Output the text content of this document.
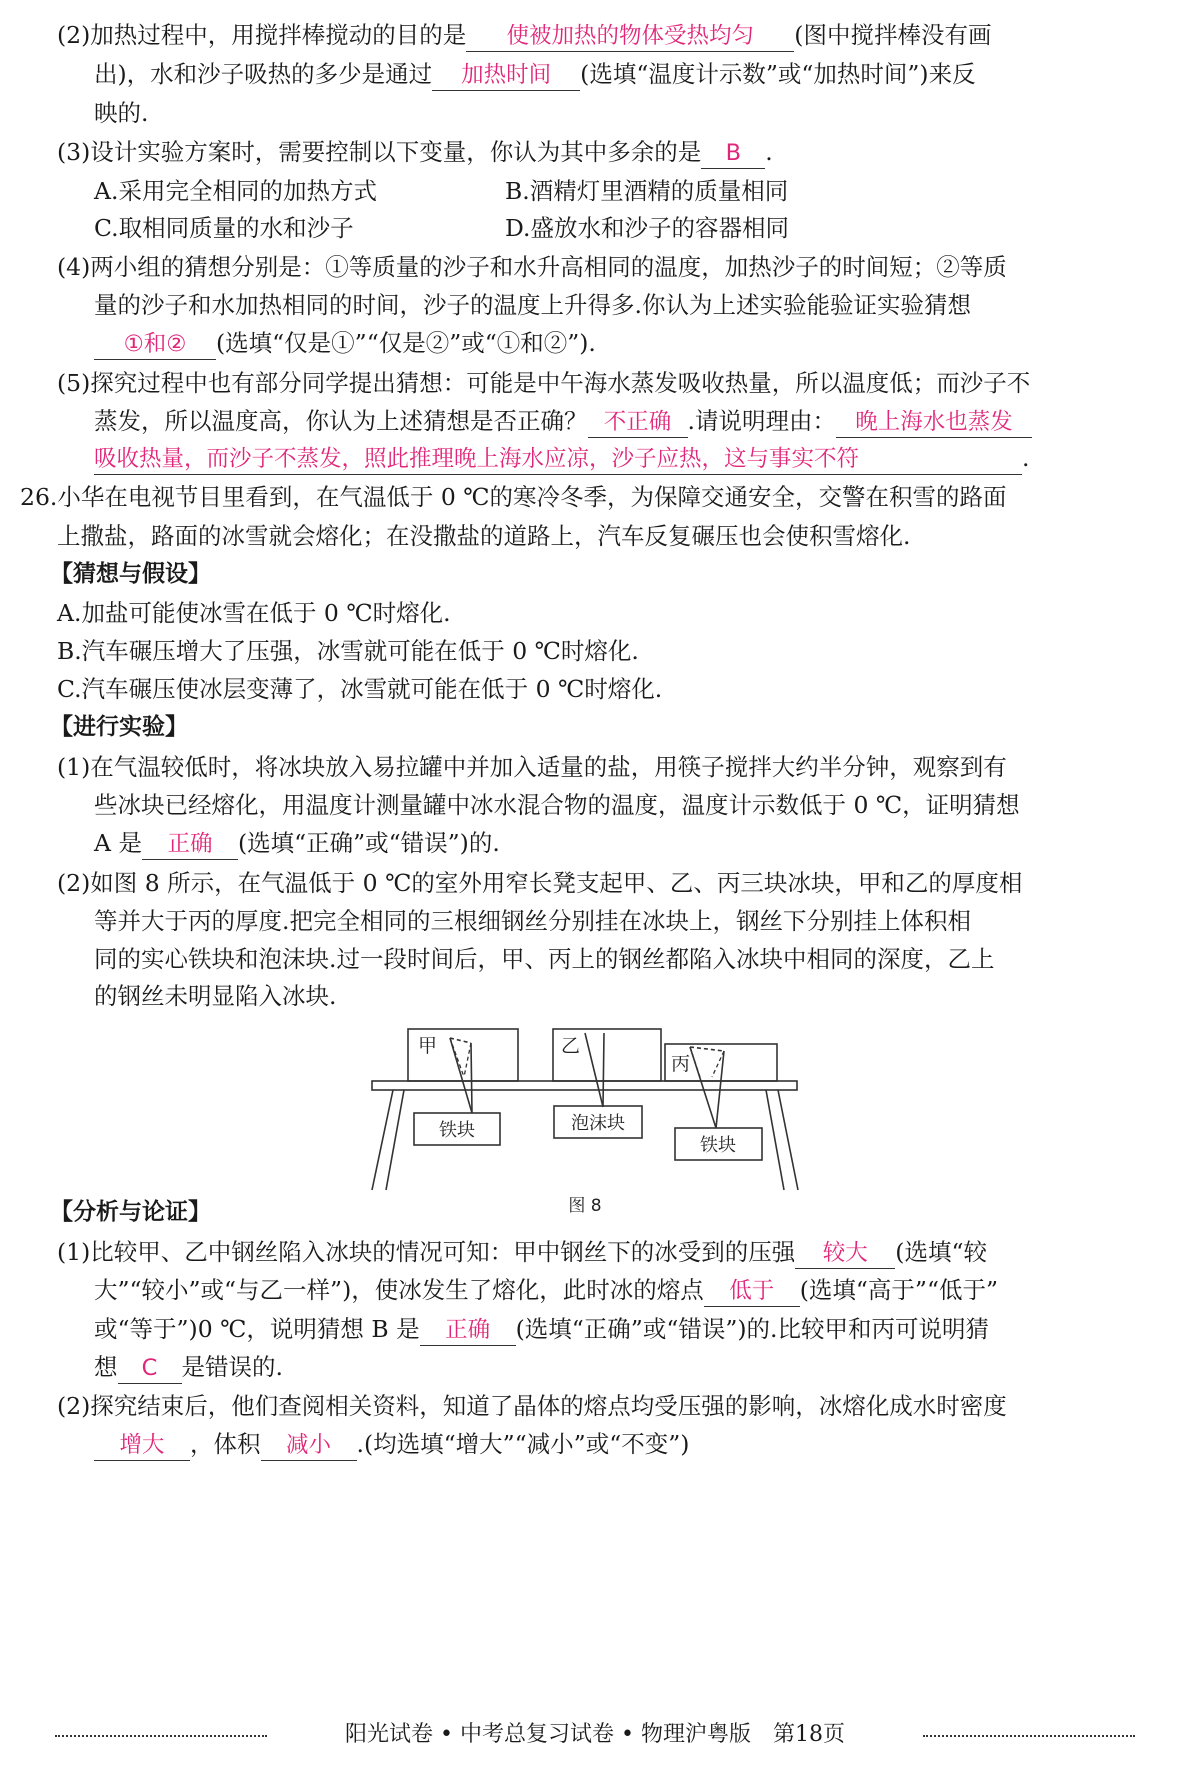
(2)加热过程中，用搅拌棒搅动的目的是 使被加热的物体受热均匀 (图中搅拌棒没有画
出)，水和沙子吸热的多少是通过 加热时间 (选填“温度计示数”或“加热时间”)来反
映的.
(3)设计实验方案时，需要控制以下变量，你认为其中多余的是 B .
A.采用完全相同的加热方式	B.酒精灯里酒精的质量相同
C.取相同质量的水和沙子	D.盛放水和沙子的容器相同
(4)两小组的猜想分别是：①等质量的沙子和水升高相同的温度，加热沙子的时间短；②等质
量的沙子和水加热相同的时间，沙子的温度上升得多.你认为上述实验能验证实验猜想
①和② (选填“仅是①”“仅是②”或“①和②”).
(5)探究过程中也有部分同学提出猜想：可能是中午海水蒸发吸收热量，所以温度低；而沙子不
蒸发，所以温度高，你认为上述猜想是否正确？ 不正确 .请说明理由： 晚上海水也蒸发
吸收热量，而沙子不蒸发，照此推理晚上海水应凉，沙子应热，这与事实不符	.
26.小华在电视节目里看到，在气温低于 0 ℃的寒冷冬季，为保障交通安全，交警在积雪的路面
上撒盐，路面的冰雪就会熔化；在没撒盐的道路上，汽车反复碾压也会使积雪熔化.
【猜想与假设】
A.加盐可能使冰雪在低于 0 ℃时熔化.
B.汽车碾压增大了压强，冰雪就可能在低于 0 ℃时熔化.
C.汽车碾压使冰层变薄了，冰雪就可能在低于 0 ℃时熔化.
【进行实验】
(1)在气温较低时，将冰块放入易拉罐中并加入适量的盐，用筷子搅拌大约半分钟，观察到有
些冰块已经熔化，用温度计测量罐中冰水混合物的温度，温度计示数低于 0 ℃，证明猜想
A 是 正确 (选填“正确”或“错误”)的.
(2)如图 8 所示，在气温低于 0 ℃的室外用窄长凳支起甲、乙、丙三块冰块，甲和乙的厚度相
等并大于丙的厚度.把完全相同的三根细钢丝分别挂在冰块上，钢丝下分别挂上体积相
同的实心铁块和泡沫块.过一段时间后，甲、丙上的钢丝都陷入冰块中相同的深度，乙上
的钢丝未明显陷入冰块.
甲	乙
丙
铁块	泡沫块
铁块
图 8
【分析与论证】
(1)比较甲、乙中钢丝陷入冰块的情况可知：甲中钢丝下的冰受到的压强 较大 (选填“较
大”“较小”或“与乙一样”)，使冰发生了熔化，此时冰的熔点 低于 (选填“高于”“低于”
或“等于”)0 ℃，说明猜想 B 是 正确 (选填“正确”或“错误”)的.比较甲和丙可说明猜
想 C 是错误的.
(2)探究结束后，他们查阅相关资料，知道了晶体的熔点均受压强的影响，冰熔化成水时密度
增大 ，体积 减小 .(均选填“增大”“减小”或“不变”)
阳光试卷 • 中考总复习试卷 • 物理沪粤版　第18页
